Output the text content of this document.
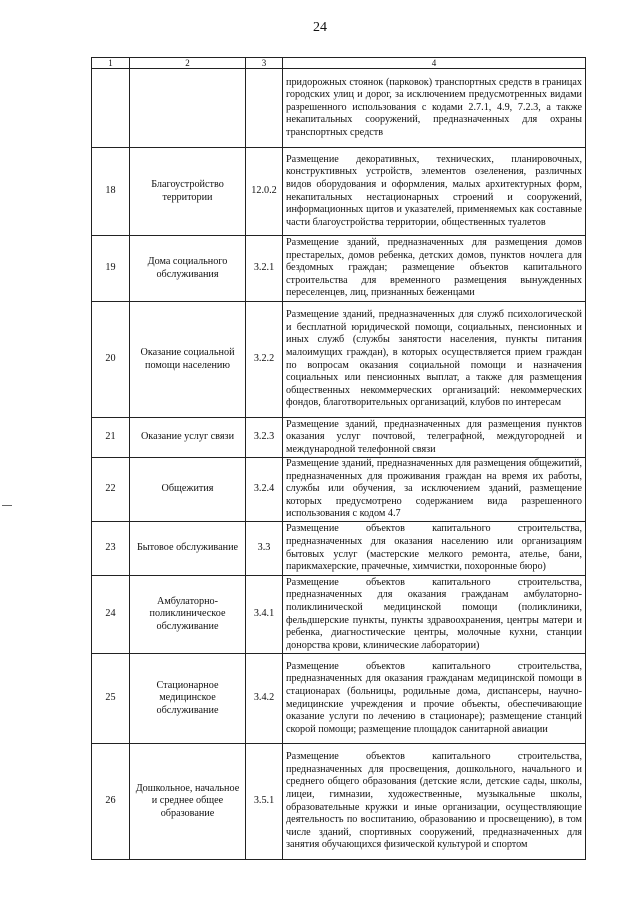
24
1	2	3	4
			придорожных стоянок (парковок) транспортных средств в границах городских улиц и дорог, за исключением предусмотренных видами разрешенного использования с кодами 2.7.1, 4.9, 7.2.3, а также некапитальных сооружений, предназначенных для охраны транспортных средств
18	Благоустройство территории	12.0.2	Размещение декоративных, технических, планировочных, конструктивных устройств, элементов озеленения, различных видов оборудования и оформления, малых архитектурных форм, некапитальных нестационарных строений и сооружений, информационных щитов и указателей, применяемых как составные части благоустройства территории, общественных туалетов
19	Дома социального обслуживания	3.2.1	Размещение зданий, предназначенных для размещения домов престарелых, домов ребенка, детских домов, пунктов ночлега для бездомных граждан; размещение объектов капитального строительства для временного размещения вынужденных переселенцев, лиц, признанных беженцами
20	Оказание социальной помощи населению	3.2.2	Размещение зданий, предназначенных для служб психологической и бесплатной юридической помощи, социальных, пенсионных и иных служб (службы занятости населения, пункты питания малоимущих граждан), в которых осуществляется прием граждан по вопросам оказания социальной помощи и назначения социальных или пенсионных выплат, а также для размещения общественных некоммерческих организаций: некоммерческих фондов, благотворительных организаций, клубов по интересам
21	Оказание услуг связи	3.2.3	Размещение зданий, предназначенных для размещения пунктов оказания услуг почтовой, телеграфной, междугородней и международной телефонной связи
22	Общежития	3.2.4	Размещение зданий, предназначенных для размещения общежитий, предназначенных для проживания граждан на время их работы, службы или обучения, за исключением зданий, размещение которых предусмотрено содержанием вида разрешенного использования с кодом 4.7
23	Бытовое обслуживание	3.3	Размещение объектов капитального строительства, предназначенных для оказания населению или организациям бытовых услуг (мастерские мелкого ремонта, ателье, бани, парикмахерские, прачечные, химчистки, похоронные бюро)
24	Амбулаторно-поликлиническое обслуживание	3.4.1	Размещение объектов капитального строительства, предназначенных для оказания гражданам амбулаторно-поликлинической медицинской помощи (поликлиники, фельдшерские пункты, пункты здравоохранения, центры матери и ребенка, диагностические центры, молочные кухни, станции донорства крови, клинические лаборатории)
25	Стационарное медицинское обслуживание	3.4.2	Размещение объектов капитального строительства, предназначенных для оказания гражданам медицинской помощи в стационарах (больницы, родильные дома, диспансеры, научно-медицинские учреждения и прочие объекты, обеспечивающие оказание услуги по лечению в стационаре); размещение станций скорой помощи; размещение площадок санитарной авиации
26	Дошкольное, начальное и среднее общее образование	3.5.1	Размещение объектов капитального строительства, предназначенных для просвещения, дошкольного, начального и среднего общего образования (детские ясли, детские сады, школы, лицеи, гимназии, художественные, музыкальные школы, образовательные кружки и иные организации, осуществляющие деятельность по воспитанию, образованию и просвещению), в том числе зданий, спортивных сооружений, предназначенных для занятия обучающихся физической культурой и спортом
